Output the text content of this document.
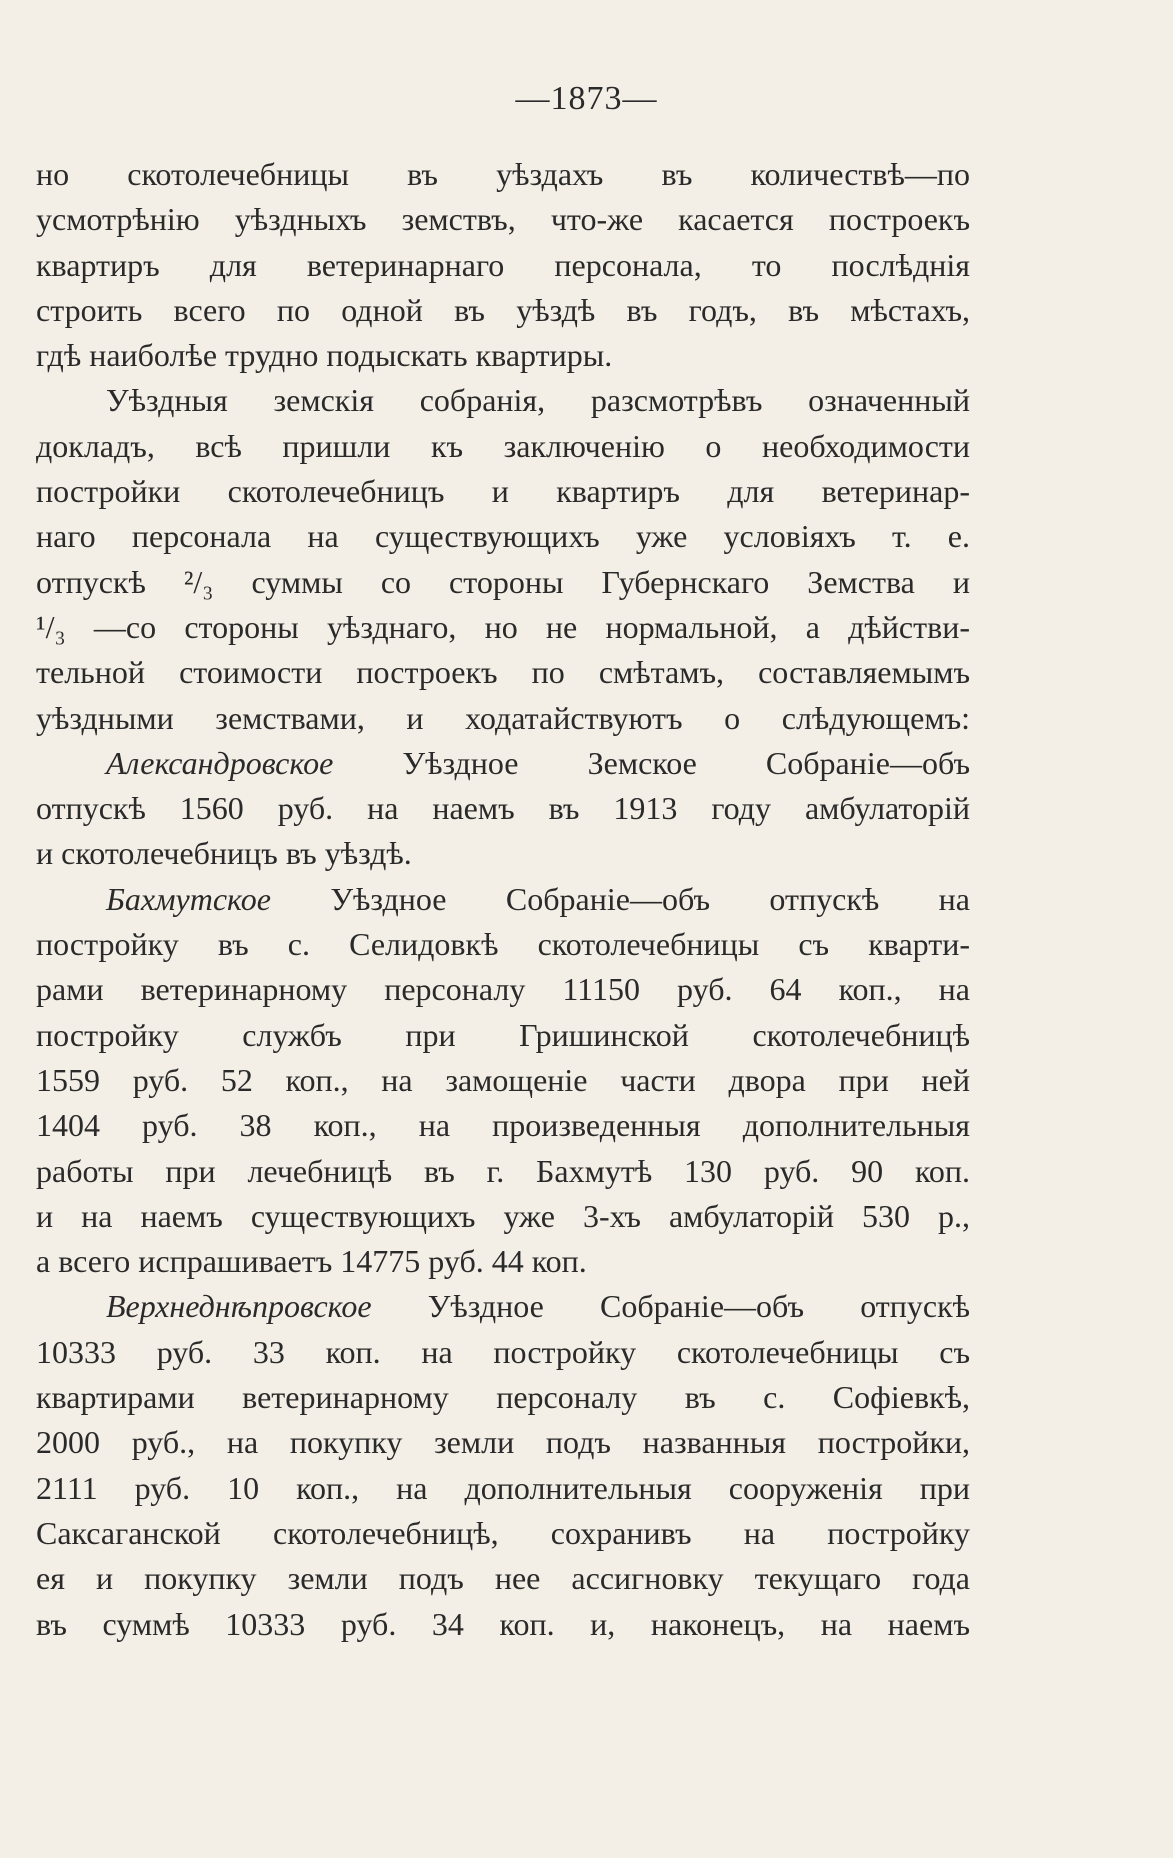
—1873—
но скотолечебницы въ уѣздахъ въ количествѣ—по
усмотрѣнію уѣздныхъ земствъ, что-же касается построекъ
квартиръ для ветеринарнаго персонала, то послѣднія
строить всего по одной въ уѣздѣ въ годъ, въ мѣстахъ,
гдѣ наиболѣе трудно подыскать квартиры.
Уѣздныя земскія собранія, разсмотрѣвъ означенный
докладъ, всѣ пришли къ заключенію о необходимости
постройки скотолечебницъ и квартиръ для ветеринар-
наго персонала на существующихъ уже условіяхъ т. е.
отпускѣ ²/₃ суммы со стороны Губернскаго Земства и
¹/₃ —со стороны уѣзднаго, но не нормальной, а дѣйстви-
тельной стоимости построекъ по смѣтамъ, составляемымъ
уѣздными земствами, и ходатайствуютъ о слѣдующемъ:
Александровское Уѣздное Земское Собраніе—объ
отпускѣ 1560 руб. на наемъ въ 1913 году амбулаторій
и скотолечебницъ въ уѣздѣ.
Бахмутское Уѣздное Собраніе—объ отпускѣ на
постройку въ с. Селидовкѣ скотолечебницы съ кварти-
рами ветеринарному персоналу 11150 руб. 64 коп., на
постройку службъ при Гришинской скотолечебницѣ
1559 руб. 52 коп., на замощеніе части двора при ней
1404 руб. 38 коп., на произведенныя дополнительныя
работы при лечебницѣ въ г. Бахмутѣ 130 руб. 90 коп.
и на наемъ существующихъ уже 3-хъ амбулаторій 530 р.,
а всего испрашиваетъ 14775 руб. 44 коп.
Верхнеднѣпровское Уѣздное Собраніе—объ отпускѣ
10333 руб. 33 коп. на постройку скотолечебницы съ
квартирами ветеринарному персоналу въ с. Софіевкѣ,
2000 руб., на покупку земли подъ названныя постройки,
2111 руб. 10 коп., на дополнительныя сооруженія при
Саксаганской скотолечебницѣ, сохранивъ на постройку
ея и покупку земли подъ нее ассигновку текущаго года
въ суммѣ 10333 руб. 34 коп. и, наконецъ, на наемъ
